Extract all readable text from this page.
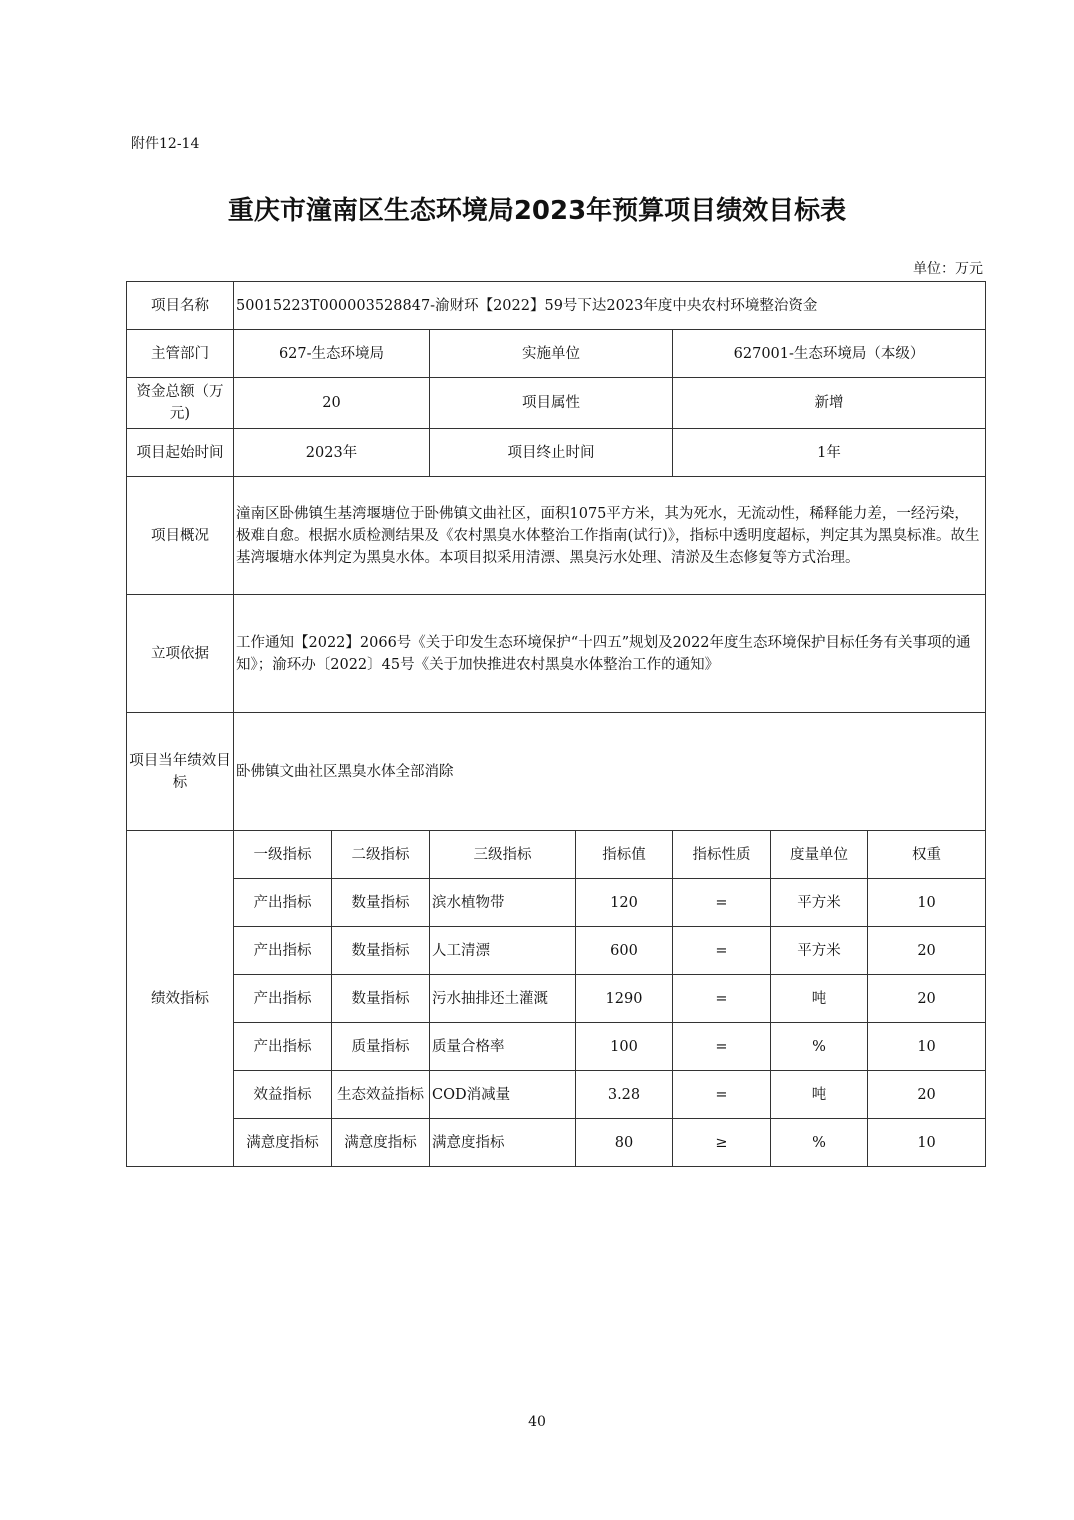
附件12-14
重庆市潼南区生态环境局2023年预算项目绩效目标表
单位：万元
项目名称	50015223T000003528847-渝财环【2022】59号下达2023年度中央农村环境整治资金						
主管部门	627-生态环境局		实施单位		627001-生态环境局（本级）		
资金总额（万元)	20		项目属性		新增		
项目起始时间	2023年		项目终止时间		1年		
项目概况	潼南区卧佛镇生基湾堰塘位于卧佛镇文曲社区，面积1075平方米，其为死水，无流动性，稀释能力差，一经污染，极难自愈。根据水质检测结果及《农村黑臭水体整治工作指南(试行)》，指标中透明度超标，判定其为黑臭标准。故生基湾堰塘水体判定为黑臭水体。本项目拟采用清漂、黑臭污水处理、清淤及生态修复等方式治理。						
立项依据	工作通知【2022】2066号《关于印发生态环境保护“十四五”规划及2022年度生态环境保护目标任务有关事项的通知》；渝环办〔2022〕45号《关于加快推进农村黑臭水体整治工作的通知》						
项目当年绩效目标	卧佛镇文曲社区黑臭水体全部消除						
绩效指标	一级指标	二级指标	三级指标	指标值	指标性质	度量单位	权重
	产出指标	数量指标	滨水植物带	120	=	平方米	10
	产出指标	数量指标	人工清漂	600	=	平方米	20
	产出指标	数量指标	污水抽排还土灌溉	1290	=	吨	20
	产出指标	质量指标	质量合格率	100	=	%	10
	效益指标	生态效益指标	COD消减量	3.28	=	吨	20
	满意度指标	满意度指标	满意度指标	80	≥	%	10
40
